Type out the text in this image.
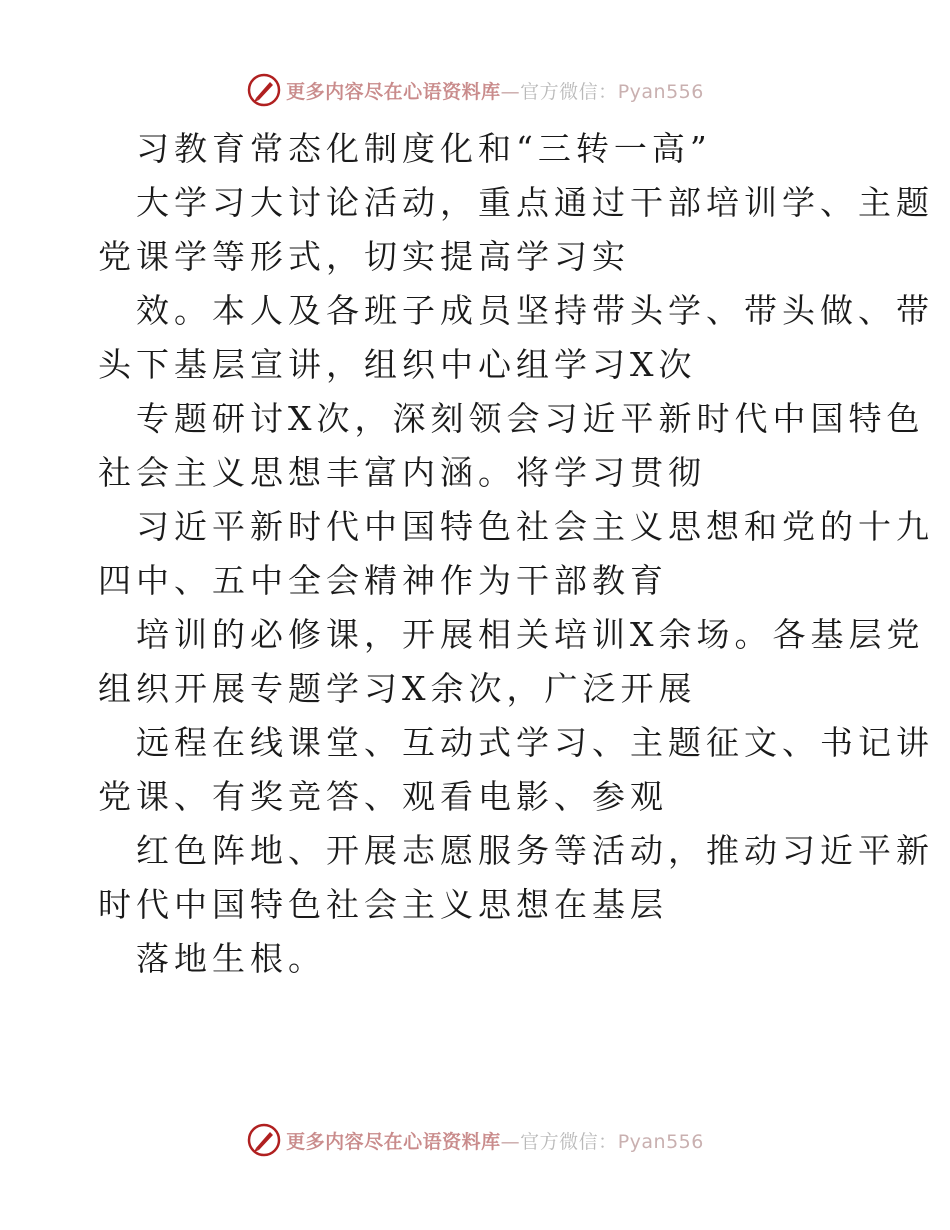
更多内容尽在心语资料库—官方微信：Pyan556
习教育常态化制度化和“三转一高”
大学习大讨论活动，重点通过干部培训学、主题
党课学等形式，切实提高学习实
效。本人及各班子成员坚持带头学、带头做、带
头下基层宣讲，组织中心组学习X次
专题研讨X次，深刻领会习近平新时代中国特色
社会主义思想丰富内涵。将学习贯彻
习近平新时代中国特色社会主义思想和党的十九
四中、五中全会精神作为干部教育
培训的必修课，开展相关培训X余场。各基层党
组织开展专题学习X余次，广泛开展
远程在线课堂、互动式学习、主题征文、书记讲
党课、有奖竞答、观看电影、参观
红色阵地、开展志愿服务等活动，推动习近平新
时代中国特色社会主义思想在基层
落地生根。
更多内容尽在心语资料库—官方微信：Pyan556
